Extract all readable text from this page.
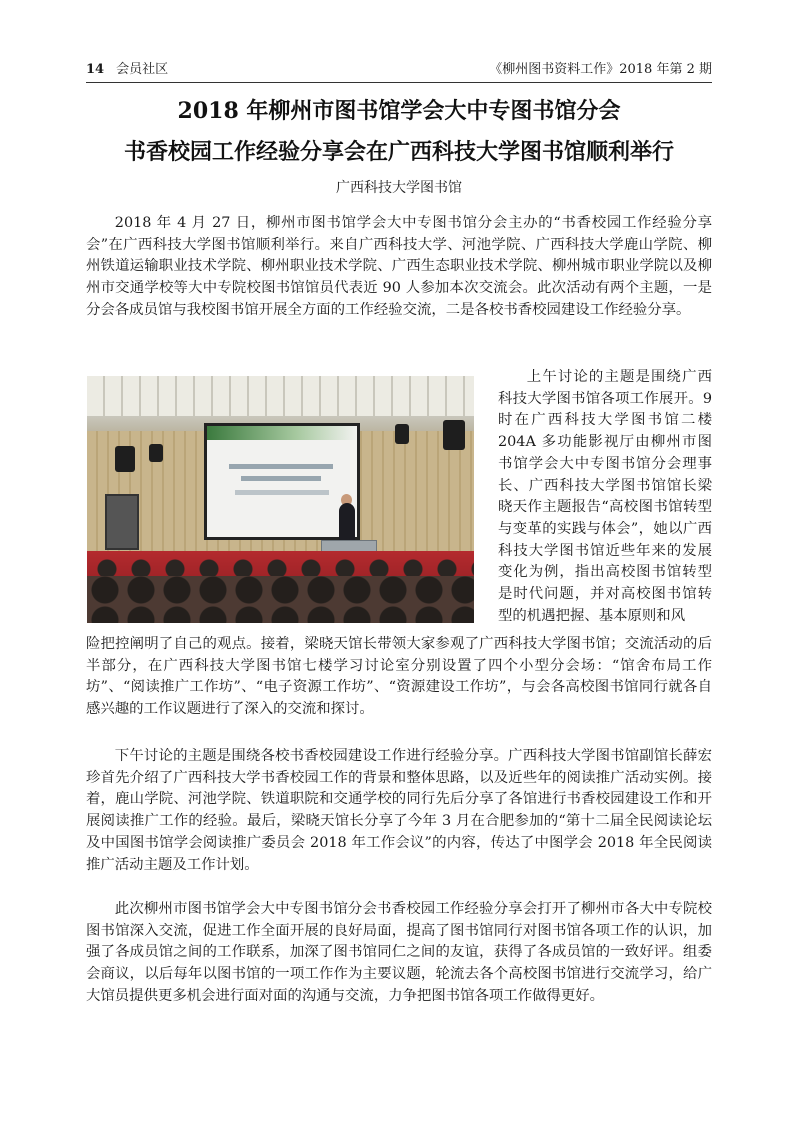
14 会员社区	《柳州图书资料工作》2018 年第 2 期
2018 年柳州市图书馆学会大中专图书馆分会
书香校园工作经验分享会在广西科技大学图书馆顺利举行
广西科技大学图书馆

2018 年 4 月 27 日，柳州市图书馆学会大中专图书馆分会主办的“书香校园工作经验分享会”在广西科技大学图书馆顺利举行。来自广西科技大学、河池学院、广西科技大学鹿山学院、柳州铁道运输职业技术学院、柳州职业技术学院、广西生态职业技术学院、柳州城市职业学院以及柳州市交通学校等大中专院校图书馆馆员代表近 90 人参加本次交流会。此次活动有两个主题，一是分会各成员馆与我校图书馆开展全方面的工作经验交流，二是各校书香校园建设工作经验分享。

上午讨论的主题是围绕广西科技大学图书馆各项工作展开。9时在广西科技大学图书馆二楼 204A 多功能影视厅由柳州市图书馆学会大中专图书馆分会理事长、广西科技大学图书馆馆长梁晓天作主题报告“高校图书馆转型与变革的实践与体会”，她以广西科技大学图书馆近些年来的发展变化为例，指出高校图书馆转型是时代问题，并对高校图书馆转型的机遇把握、基本原则和风

险把控阐明了自己的观点。接着，梁晓天馆长带领大家参观了广西科技大学图书馆；交流活动的后半部分，在广西科技大学图书馆七楼学习讨论室分别设置了四个小型分会场：“馆舍布局工作坊”、“阅读推广工作坊”、“电子资源工作坊”、“资源建设工作坊”，与会各高校图书馆同行就各自感兴趣的工作议题进行了深入的交流和探讨。

下午讨论的主题是围绕各校书香校园建设工作进行经验分享。广西科技大学图书馆副馆长薛宏珍首先介绍了广西科技大学书香校园工作的背景和整体思路，以及近些年的阅读推广活动实例。接着，鹿山学院、河池学院、铁道职院和交通学校的同行先后分享了各馆进行书香校园建设工作和开展阅读推广工作的经验。最后，梁晓天馆长分享了今年 3 月在合肥参加的“第十二届全民阅读论坛及中国图书馆学会阅读推广委员会 2018 年工作会议”的内容，传达了中图学会 2018 年全民阅读推广活动主题及工作计划。

此次柳州市图书馆学会大中专图书馆分会书香校园工作经验分享会打开了柳州市各大中专院校图书馆深入交流，促进工作全面开展的良好局面，提高了图书馆同行对图书馆各项工作的认识，加强了各成员馆之间的工作联系，加深了图书馆同仁之间的友谊，获得了各成员馆的一致好评。组委会商议，以后每年以图书馆的一项工作作为主要议题，轮流去各个高校图书馆进行交流学习，给广大馆员提供更多机会进行面对面的沟通与交流，力争把图书馆各项工作做得更好。
